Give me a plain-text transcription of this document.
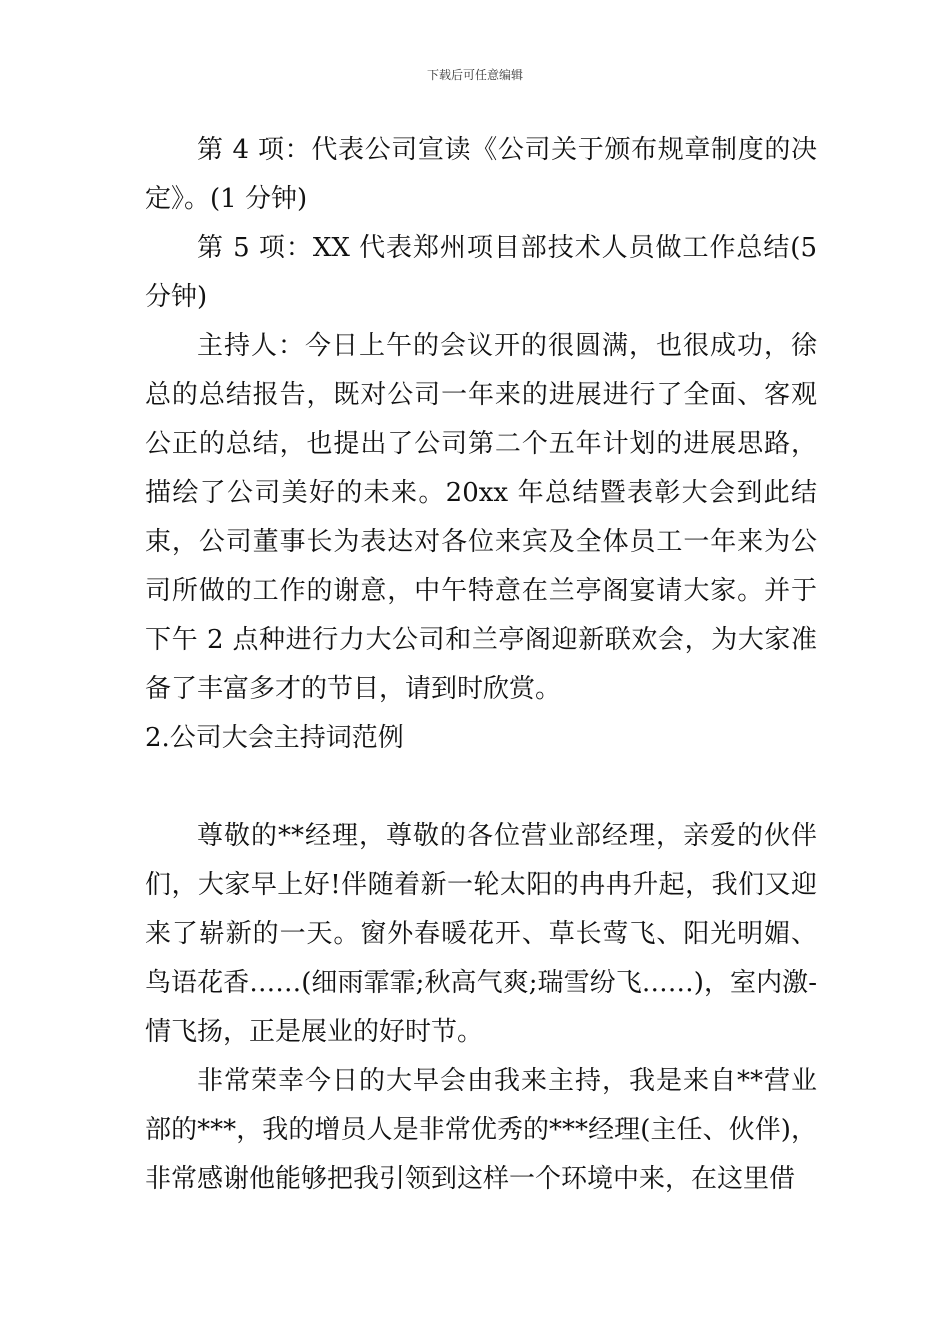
下载后可任意编辑

第 4 项：代表公司宣读《公司关于颁布规章制度的决定》。(1 分钟)

第 5 项：XX 代表郑州项目部技术人员做工作总结(5 分钟)

主持人：今日上午的会议开的很圆满，也很成功，徐总的总结报告，既对公司一年来的进展进行了全面、客观公正的总结，也提出了公司第二个五年计划的进展思路，描绘了公司美好的未来。20xx 年总结暨表彰大会到此结束，公司董事长为表达对各位来宾及全体员工一年来为公司所做的工作的谢意，中午特意在兰亭阁宴请大家。并于下午 2 点种进行力大公司和兰亭阁迎新联欢会，为大家准备了丰富多才的节目，请到时欣赏。

2.公司大会主持词范例

尊敬的**经理，尊敬的各位营业部经理，亲爱的伙伴们，大家早上好!伴随着新一轮太阳的冉冉升起，我们又迎来了崭新的一天。窗外春暖花开、草长莺飞、阳光明媚、鸟语花香……(细雨霏霏;秋高气爽;瑞雪纷飞……)，室内激-情飞扬，正是展业的好时节。

非常荣幸今日的大早会由我来主持，我是来自**营业部的***，我的增员人是非常优秀的***经理(主任、伙伴)，非常感谢他能够把我引领到这样一个环境中来，在这里借
